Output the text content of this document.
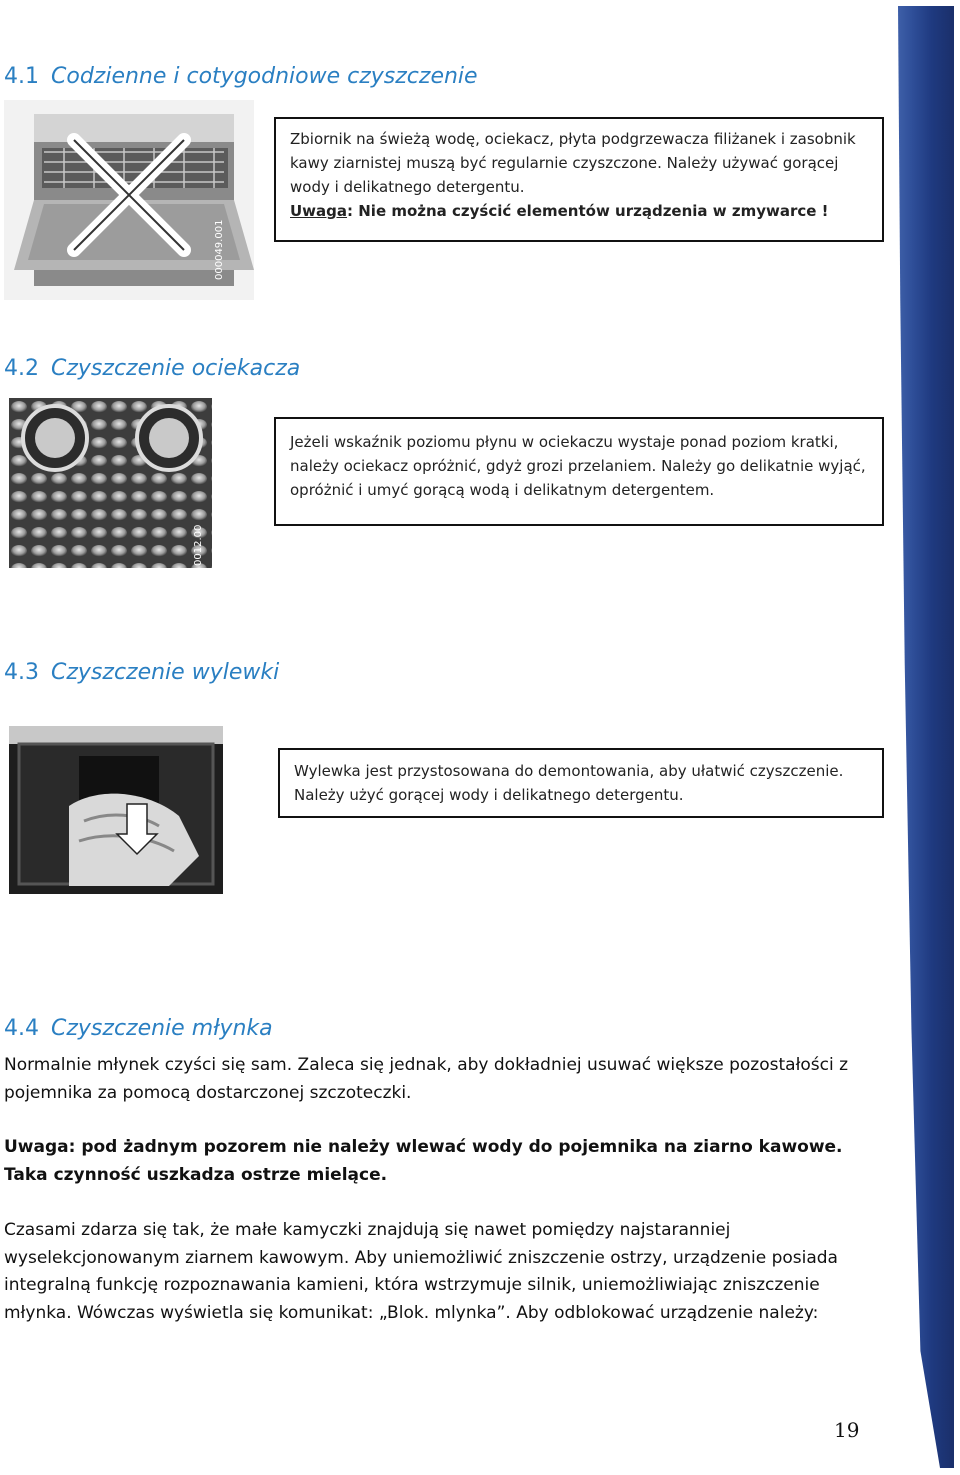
4.1 Codzienne i cotygodniowe czyszczenie
000049.001

Zbiornik na świeżą wodę, ociekacz, płyta podgrzewacza filiżanek i zasobnik

kawy ziarnistej muszą być regularnie czyszczone. Należy używać gorącej

wody i delikatnego detergentu.

Uwaga: Nie można czyścić elementów urządzenia w zmywarce !

4.2 Czyszczenie ociekacza
0012.00

Jeżeli wskaźnik poziomu płynu w ociekaczu wystaje ponad poziom kratki,

należy ociekacz opróżnić, gdyż grozi przelaniem. Należy go delikatnie wyjąć,

opróżnić i umyć gorącą wodą i delikatnym detergentem.

4.3 Czyszczenie wylewki

Wylewka jest przystosowana do demontowania, aby ułatwić czyszczenie.

Należy użyć gorącej wody i delikatnego detergentu.

4.4 Czyszczenie młynka

Normalnie młynek czyści się sam. Zaleca się jednak, aby dokładniej usuwać większe pozostałości z pojemnika za pomocą dostarczonej szczoteczki.

Uwaga: pod żadnym pozorem nie należy wlewać wody do pojemnika na ziarno kawowe. Taka czynność uszkadza ostrze mielące.

Czasami zdarza się tak, że małe kamyczki znajdują się nawet pomiędzy najstaranniej wyselekcjonowanym ziarnem kawowym. Aby uniemożliwić zniszczenie ostrzy, urządzenie posiada integralną funkcję rozpoznawania kamieni, która wstrzymuje silnik, uniemożliwiając zniszczenie młynka. Wówczas wyświetla się komunikat: „Blok. mlynka”. Aby odblokować urządzenie należy:

19
